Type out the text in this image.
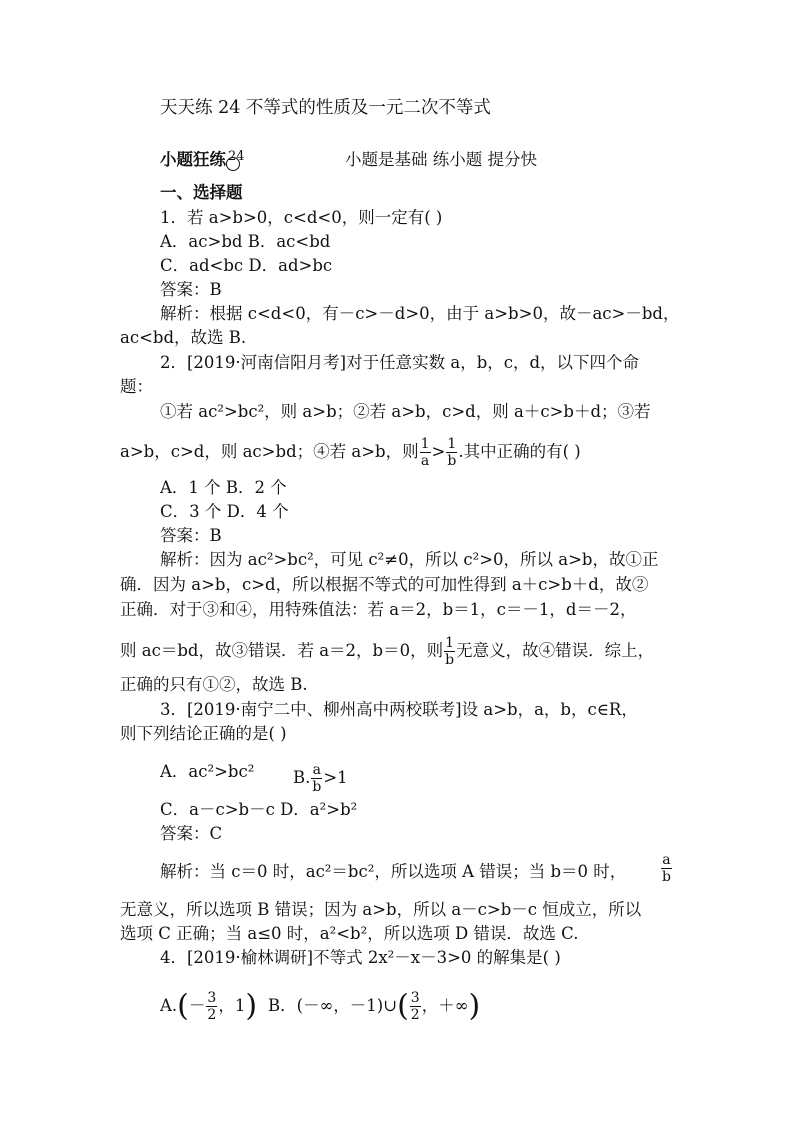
天天练 24 不等式的性质及一元二次不等式
小题狂练 24	小题是基础 练小题 提分快
一、选择题
1．若 a>b>0，c<d<0，则一定有( )
A．ac>bd B．ac<bd
C．ad<bc D．ad>bc
答案：B
解析：根据 c<d<0，有－c>－d>0，由于 a>b>0，故－ac>－bd，
ac<bd，故选 B.
2．[2019·河南信阳月考]对于任意实数 a，b，c，d，以下四个命
题：
①若 ac²>bc²，则 a>b；②若 a>b，c>d，则 a＋c>b＋d；③若
a>b，c>d，则 ac>bd；④若 a>b，则 $\frac{1}{a} > \frac{1}{b}$ .其中正确的有( )
A．1 个 B．2 个
C．3 个 D．4 个
答案：B
解析：因为 ac²>bc²，可见 c²≠0，所以 c²>0，所以 a>b，故①正
确．因为 a>b，c>d，所以根据不等式的可加性得到 a＋c>b＋d，故②
正确．对于③和④，用特殊值法：若 a＝2，b＝1，c＝－1，d＝－2，
则 ac＝bd，故③错误．若 a＝2，b＝0，则 $\frac{1}{b}$ 无意义，故④错误．综上，
正确的只有①②，故选 B.
3．[2019·南宁二中、柳州高中两校联考]设 a>b，a，b，c∈R，
则下列结论正确的是( )
A．ac²>bc² B. $\frac{a}{b} >1$
C．a－c>b－c D．a²>b²
答案：C
解析：当 c＝0 时，ac²＝bc²，所以选项 A 错误；当 b＝0 时， $\frac{a}{b}$
无意义，所以选项 B 错误；因为 a>b，所以 a－c>b－c 恒成立，所以
选项 C 正确；当 a≤0 时，a²<b²，所以选项 D 错误．故选 C.
4．[2019·榆林调研]不等式 2x²－x－3>0 的解集是( )
$A.(- \frac{3}{2}$ ，1) B．(－∞，－1)∪( $\frac{3}{2}$ ，＋∞)
